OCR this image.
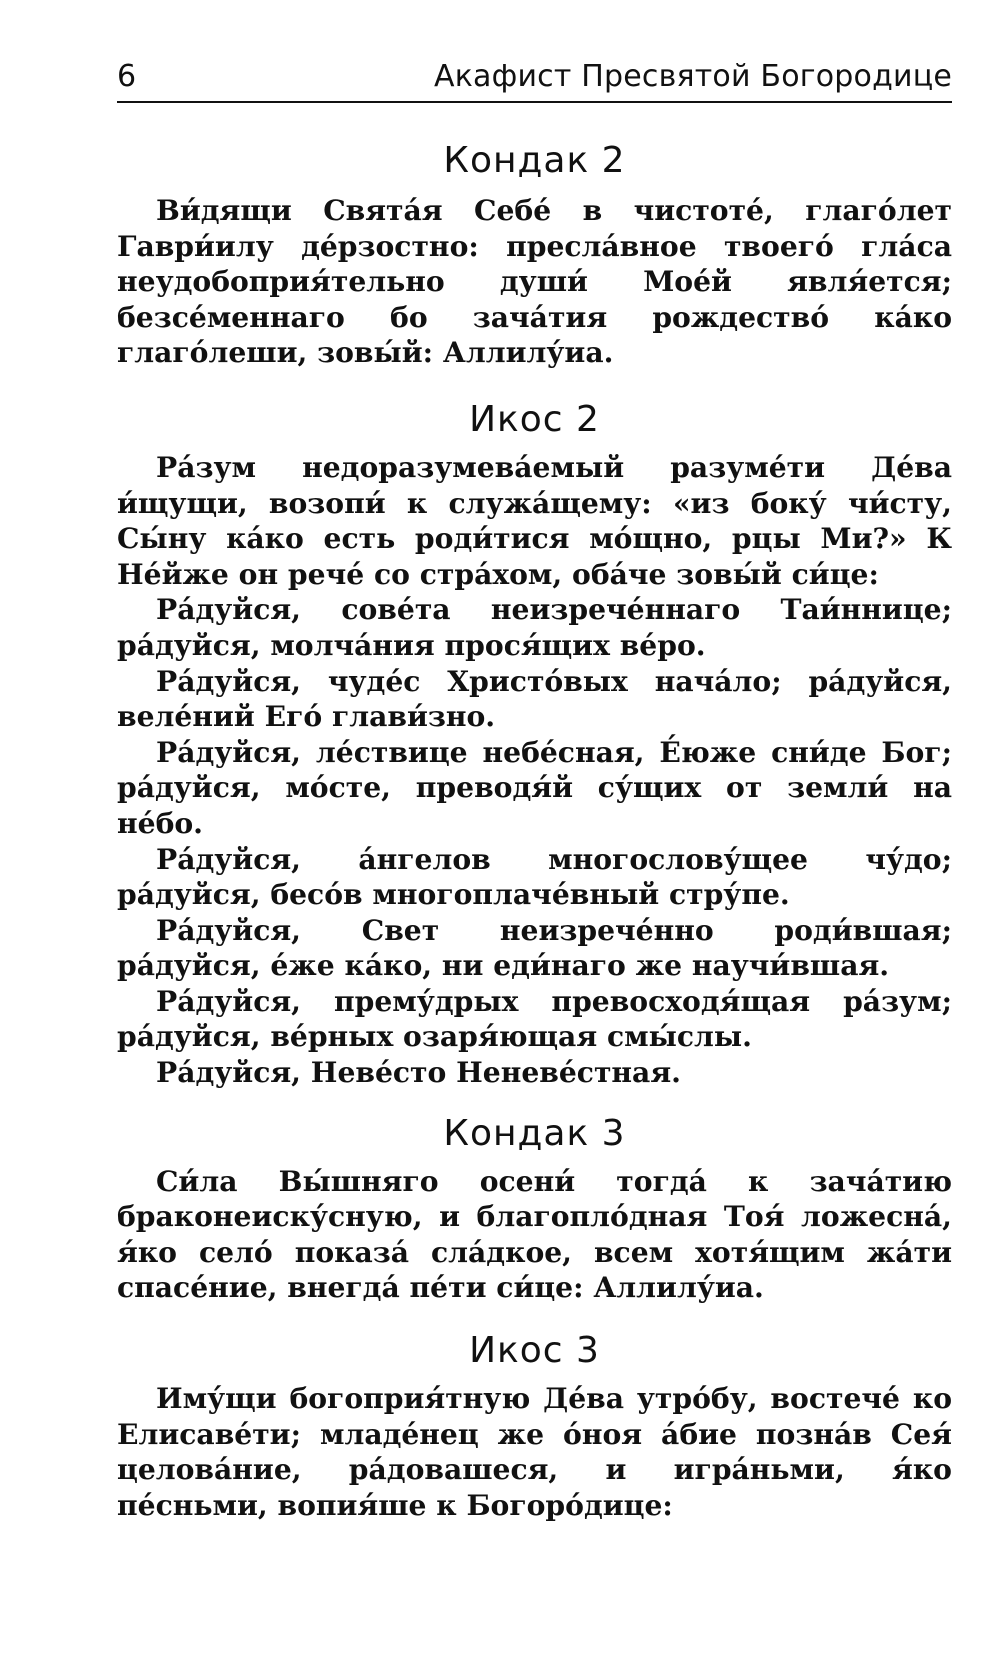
6	Акафист Пресвятой Богородице
Кондак 2

Ви́дящи Свята́я Себе́ в чистоте́, глаго́лет Гаври́илу де́рзостно: пресла́вное твоего́ гла́са неудобоприя́тельно души́ Мое́й явля́ется; безсе́меннаго бо зача́тия рождество́ ка́ко глаго́леши, зовы́й: Аллилу́иа.

Икос 2

Ра́зум недоразумева́емый разуме́ти Де́ва и́щущи, возопи́ к служа́щему: «из боку́ чи́сту, Сы́ну ка́ко есть роди́тися мо́щно, рцы Ми?» К Не́йже он рече́ со стра́хом, оба́че зовы́й си́це:

Ра́дуйся, сове́та неизрече́ннаго Таи́ннице; ра́дуйся, молча́ния прося́щих ве́ро.

Ра́дуйся, чуде́с Христо́вых нача́ло; ра́дуйся, веле́ний Его́ глави́зно.

Ра́дуйся, ле́ствице небе́сная, Е́юже сни́де Бог; ра́дуйся, мо́сте, преводя́й су́щих от земли́ на не́бо.

Ра́дуйся, а́нгелов многослову́щее чу́до; ра́дуйся, бесо́в многоплаче́вный стру́пе.

Ра́дуйся, Свет неизрече́нно роди́вшая; ра́дуйся, е́же ка́ко, ни еди́наго же научи́вшая.

Ра́дуйся, прему́дрых превосходя́щая ра́зум; ра́дуйся, ве́рных озаря́ющая смы́слы.

Ра́дуйся, Неве́сто Неневе́стная.

Кондак 3

Си́ла Вы́шняго осени́ тогда́ к зача́тию браконеиску́сную, и благопло́дная Тоя́ ложесна́, я́ко село́ показа́ сла́дкое, всем хотя́щим жа́ти спасе́ние, внегда́ пе́ти си́це: Аллилу́иа.

Икос 3

Иму́щи богоприя́тную Де́ва утро́бу, востече́ ко Елисаве́ти; младе́нец же о́ноя а́бие позна́в Сея́ целова́ние, ра́довашеся, и игра́ньми, я́ко пе́сньми, вопия́ше к Богоро́дице:
